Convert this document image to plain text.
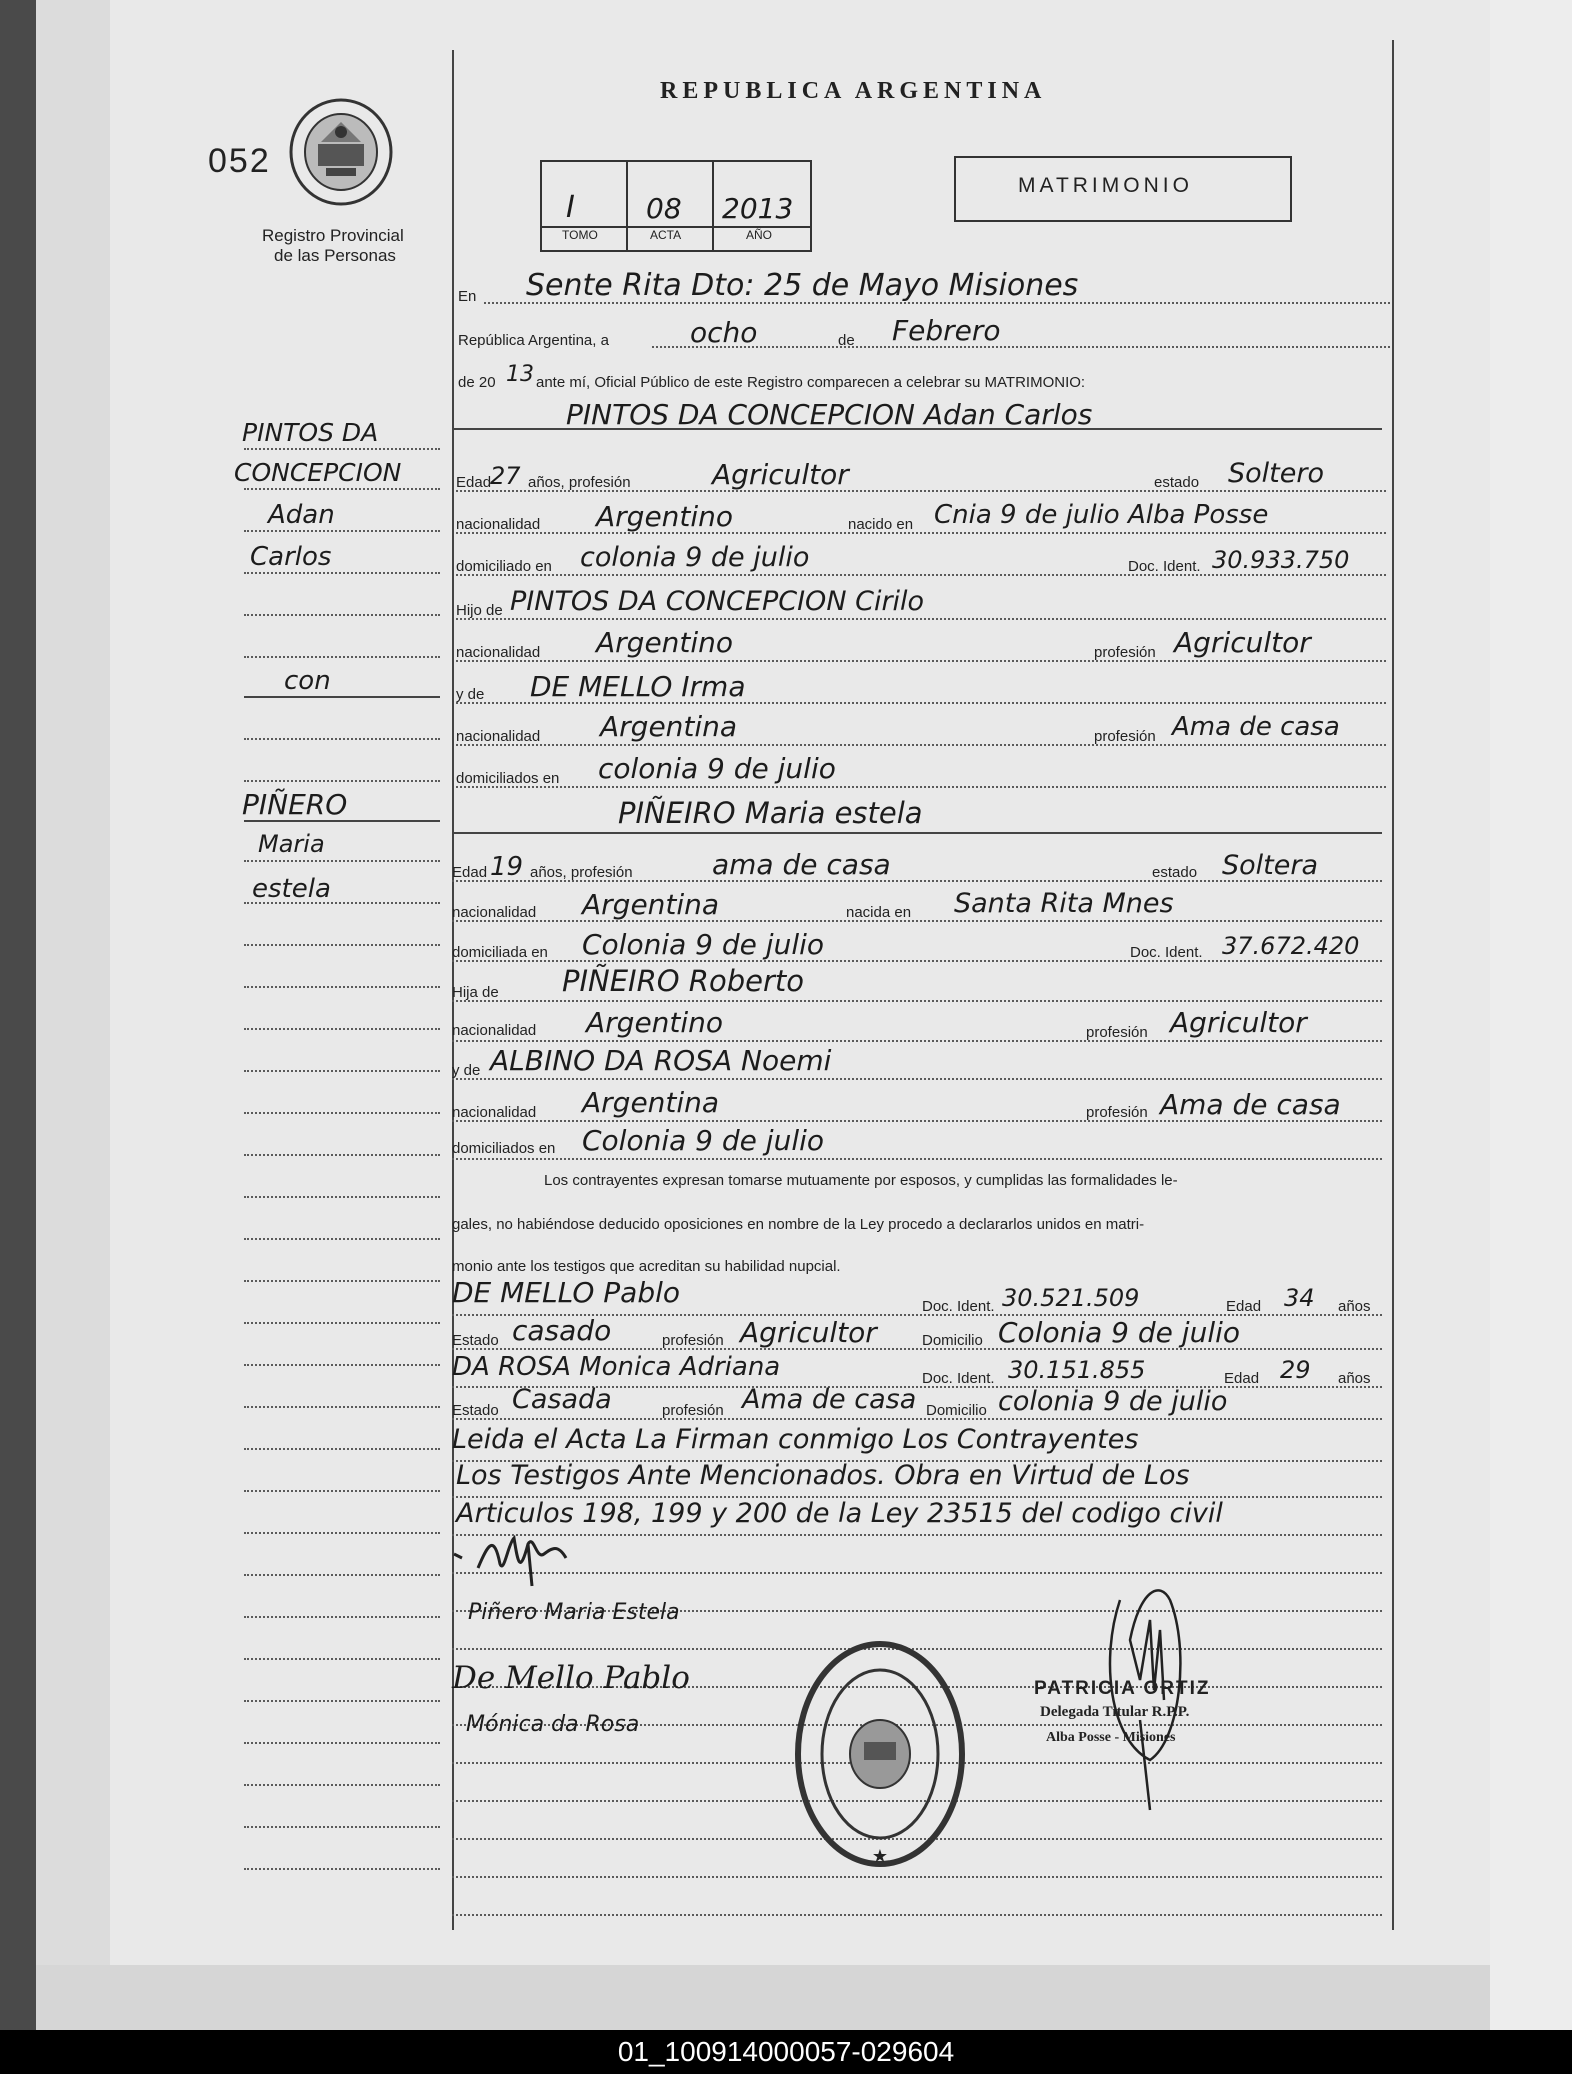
REPUBLICA ARGENTINA
052
Registro Provincial
de las Personas
I	08 2013
TOMO	ACTA	AÑO
MATRIMONIO
PINTOS DA
CONCEPCION
Adan
Carlos
con
PIÑERO
Maria
estela
En Sente Rita Dto: 25 de Mayo Misiones
República Argentina, a	ocho	de Febrero
de 20 13 ante mí, Oficial Público de este Registro comparecen a celebrar su MATRIMONIO:
PINTOS DA CONCEPCION Adan Carlos
Edad
27 años, profesión	Agricultor	estado Soltero
nacionalidad Argentino	nacido en Cnia 9 de julio Alba Posse
domiciliado en colonia 9 de julio	Doc. Ident. 30.933.750
Hijo de PINTOS DA CONCEPCION Cirilo
nacionalidad Argentino	profesión Agricultor
y de DE MELLO Irma
nacionalidad Argentina	profesión Ama de casa
domiciliados en colonia 9 de julio
PIÑEIRO Maria estela
Edad 19 años, profesión	ama de casa	estado Soltera
nacionalidad Argentina	nacida en Santa Rita Mnes
domiciliada en Colonia 9 de julio	Doc. Ident. 37.672.420
Hija de PIÑEIRO Roberto
nacionalidad Argentino	profesión Agricultor
y de ALBINO DA ROSA Noemi
nacionalidad Argentina	profesión Ama de casa
domiciliados en Colonia 9 de julio
Los contrayentes expresan tomarse mutuamente por esposos, y cumplidas las formalidades le-
gales, no habiéndose deducido oposiciones en nombre de la Ley procedo a declararlos unidos en matri-
monio ante los testigos que acreditan su habilidad nupcial.
DE MELLO Pablo	Doc. Ident. 30.521.509	Edad 34 años
Estado casado	profesión Agricultor	Domicilio Colonia 9 de julio
DA ROSA Monica Adriana	Doc. Ident. 30.151.855	Edad 29 años
Estado Casada	profesión Ama de casa Domicilio colonia 9 de julio
Leida el Acta La Firman conmigo Los Contrayentes
Los Testigos Ante Mencionados. Obra en Virtud de Los
Articulos 198, 199 y 200 de la Ley 23515 del codigo civil
Piñero Maria Estela
De Mello Pablo
Mónica da Rosa
★
PATRICIA ORTIZ
Delegada Titular R.P.P.
Alba Posse - Misiones
01_100914000057-029604
